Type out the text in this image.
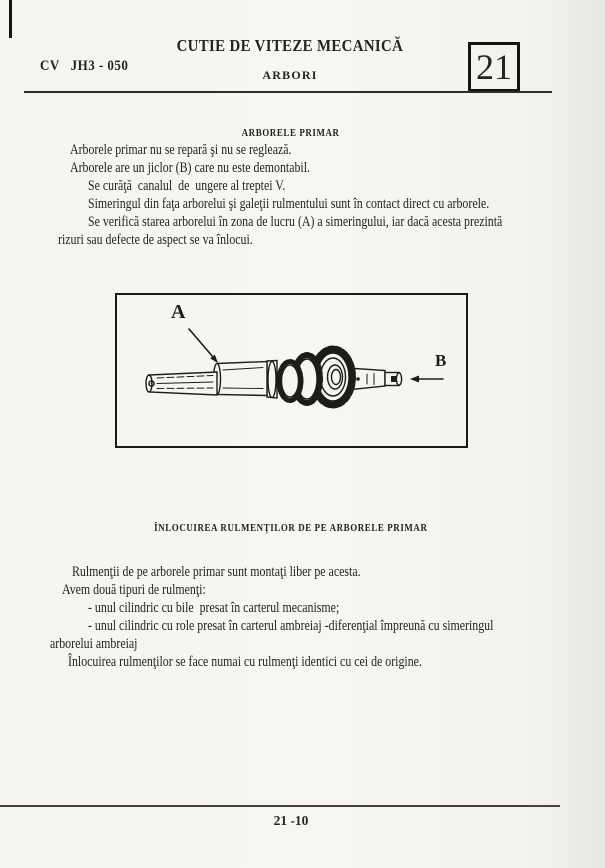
CV   JH3 - 050
CUTIE DE VITEZE MECANICĂ
ARBORI	21
ARBORELE PRIMAR
Arborele primar nu se repară şi nu se reglează.
Arborele are un jiclor (B) care nu este demontabil.
Se curăţă  canalul  de  ungere al treptei V.
Simeringul din faţa arborelui şi galeţii rulmentului sunt în contact direct cu arborele.
Se verifică starea arborelui în zona de lucru (A) a simeringului, iar dacă acesta prezintă
rizuri sau defecte de aspect se va înlocui.
A
B
ÎNLOCUIREA RULMENŢILOR DE PE ARBORELE PRIMAR
Rulmenţii de pe arborele primar sunt montaţi liber pe acesta.
Avem două tipuri de rulmenţi:
- unul cilindric cu bile  presat în carterul mecanisme;
- unul cilindric cu role presat în carterul ambreiaj -diferenţial împreună cu simeringul
arborelui ambreiaj
Înlocuirea rulmenţilor se face numai cu rulmenţi identici cu cei de origine.
21 -10
